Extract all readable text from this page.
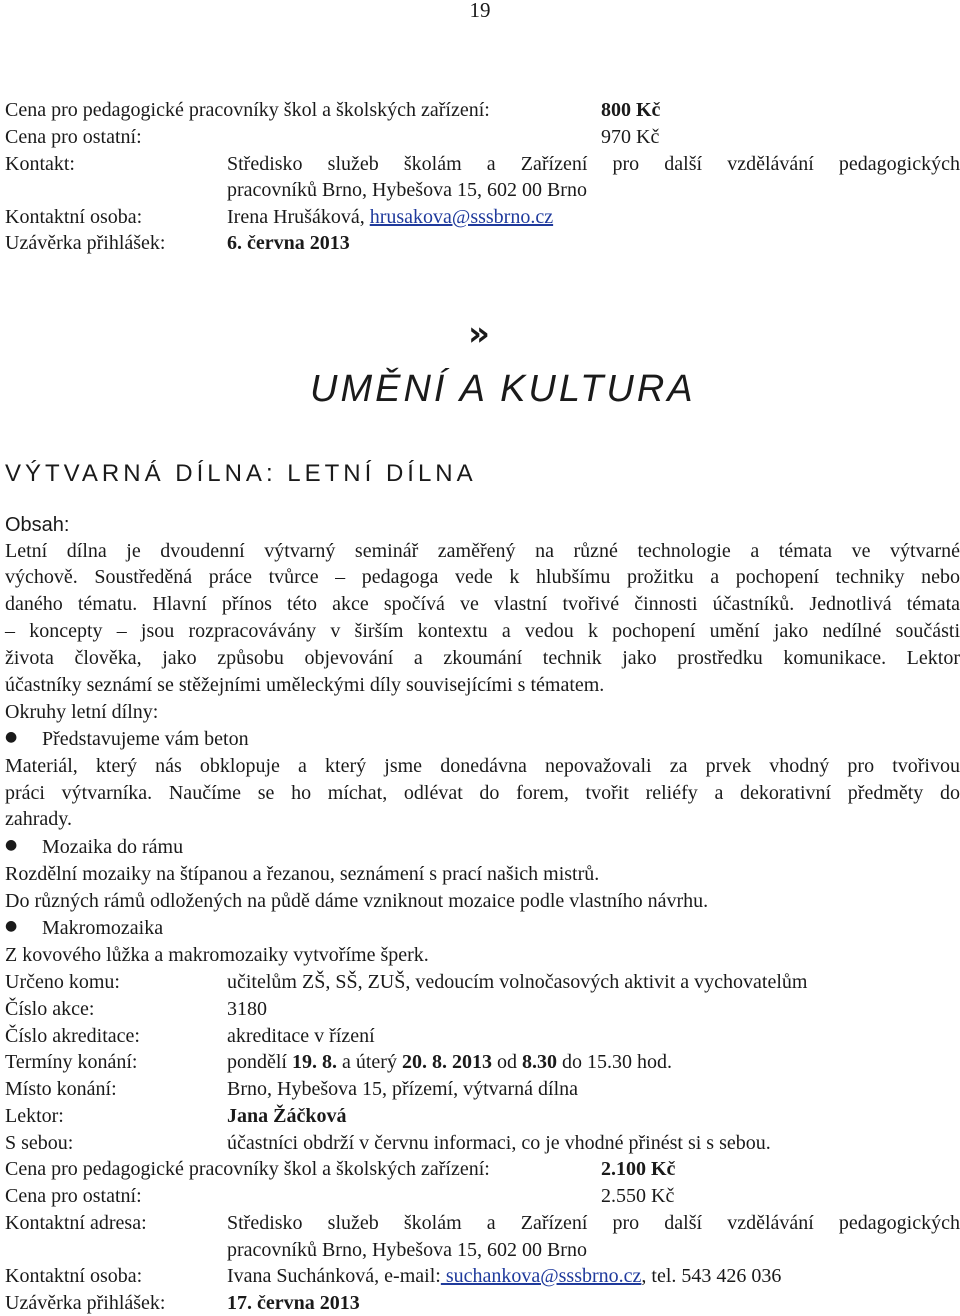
19
Cena pro pedagogické pracovníky škol a školských zařízení:	800 Kč
Cena pro ostatní:	970 Kč
Kontakt:	Středisko služeb školám a Zařízení pro další vzdělávání pedagogických
pracovníků Brno, Hybešova 15, 602 00 Brno
Kontaktní osoba:	Irena Hrušáková, hrusakova@sssbrno.cz
Uzávěrka přihlášek:	6. června 2013
»
UMĚNÍ A KULTURA
VÝTVARNÁ DÍLNA: LETNÍ DÍLNA
Obsah:
Letní dílna je dvoudenní výtvarný seminář zaměřený na různé technologie a témata ve výtvarné
výchově. Soustředěná práce tvůrce – pedagoga vede k hlubšímu prožitku a pochopení techniky nebo
daného tématu. Hlavní přínos této akce spočívá ve vlastní tvořivé činnosti účastníků. Jednotlivá témata
– koncepty – jsou rozpracovávány v širším kontextu a vedou k pochopení umění jako nedílné součásti
života člověka, jako způsobu objevování a zkoumání technik jako prostředku komunikace. Lektor
účastníky seznámí se stěžejními uměleckými díly souvisejícími s tématem.
Okruhy letní dílny:
● Představujeme vám beton
Materiál, který nás obklopuje a který jsme donedávna nepovažovali za prvek vhodný pro tvořivou
práci výtvarníka. Naučíme se ho míchat, odlévat do forem, tvořit reliéfy a dekorativní předměty do
zahrady.
● Mozaika do rámu
Rozdělní mozaiky na štípanou a řezanou, seznámení s prací našich mistrů.
Do různých rámů odložených na půdě dáme vzniknout mozaice podle vlastního návrhu.
● Makromozaika
Z kovového lůžka a makromozaiky vytvoříme šperk.
Určeno komu:	učitelům ZŠ, SŠ, ZUŠ, vedoucím volnočasových aktivit a vychovatelům
Číslo akce:	3180
Číslo akreditace:	akreditace v řízení
Termíny konání:	pondělí 19. 8. a úterý 20. 8. 2013 od 8.30 do 15.30 hod.
Místo konání:	Brno, Hybešova 15, přízemí, výtvarná dílna
Lektor:	Jana Žáčková
S sebou:	účastníci obdrží v červnu informaci, co je vhodné přinést si s sebou.
Cena pro pedagogické pracovníky škol a školských zařízení:	2.100 Kč
Cena pro ostatní:	2.550 Kč
Kontaktní adresa:	Středisko služeb školám a Zařízení pro další vzdělávání pedagogických
pracovníků Brno, Hybešova 15, 602 00 Brno
Kontaktní osoba:	Ivana Suchánková, e-mail: suchankova@sssbrno.cz, tel. 543 426 036
Uzávěrka přihlášek:	17. června 2013
